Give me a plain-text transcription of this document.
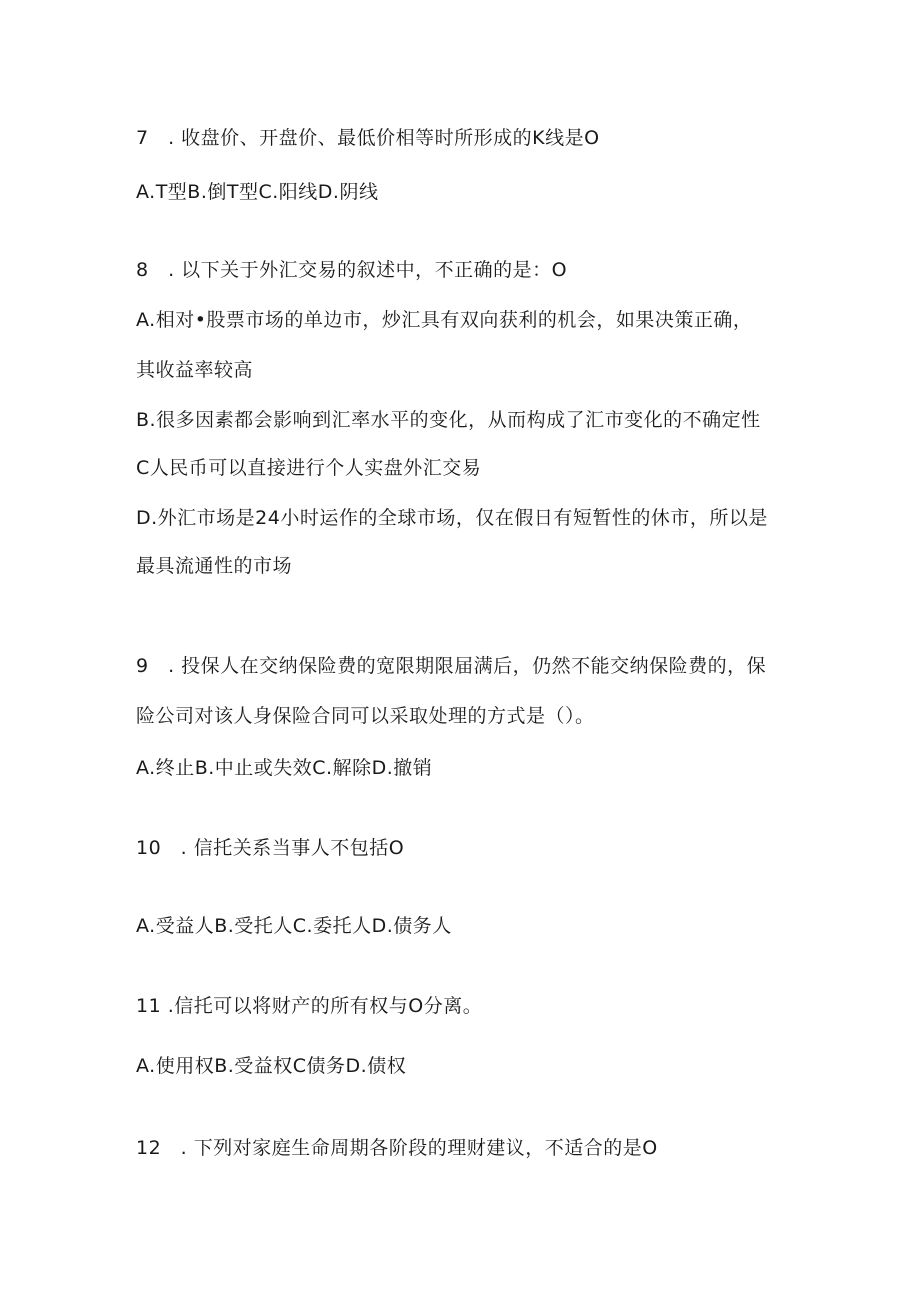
7　. 收盘价、开盘价、最低价相等时所形成的K线是O
A.T型B.倒T型C.阳线D.阴线
8　. 以下关于外汇交易的叙述中，不正确的是：O
A.相对•股票市场的单边市，炒汇具有双向获利的机会，如果决策正确，
其收益率较高
B.很多因素都会影响到汇率水平的变化，从而构成了汇市变化的不确定性
C人民币可以直接进行个人实盘外汇交易
D.外汇市场是24小时运作的全球市场，仅在假日有短暂性的休市，所以是
最具流通性的市场
9　. 投保人在交纳保险费的宽限期限届满后，仍然不能交纳保险费的，保
险公司对该人身保险合同可以采取处理的方式是（）。
A.终止B.中止或失效C.解除D.撤销
10　. 信托关系当事人不包括O
A.受益人B.受托人C.委托人D.债务人
11 .信托可以将财产的所有权与O分离。
A.使用权B.受益权C债务D.债权
12　. 下列对家庭生命周期各阶段的理财建议，不适合的是O
